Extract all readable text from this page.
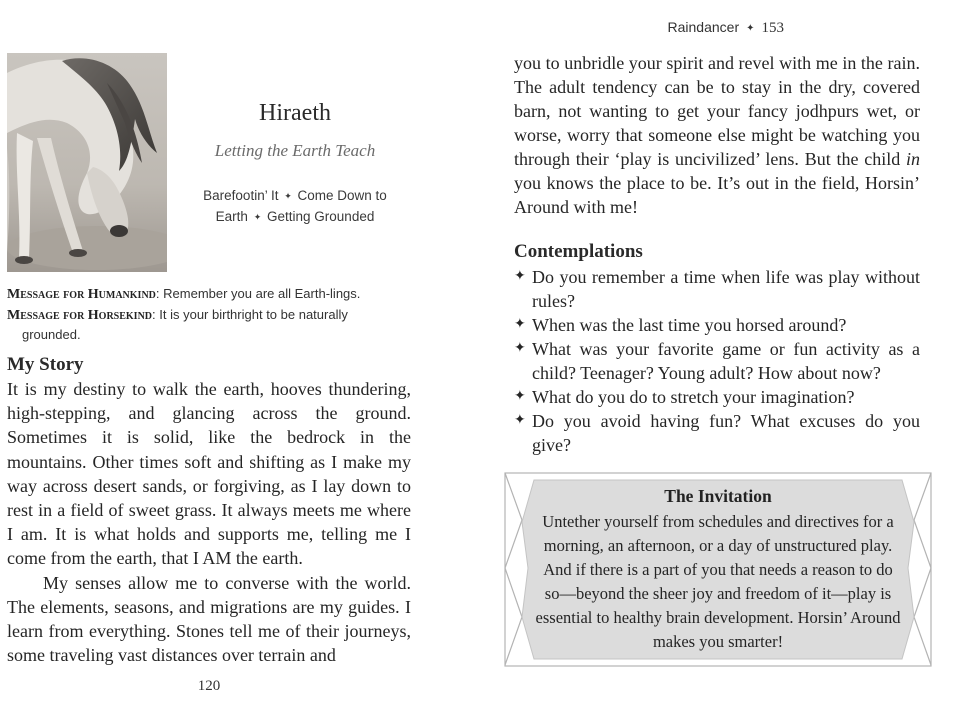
Hiraeth
Letting the Earth Teach
Barefootin’ It ✦ Come Down to
Earth ✦ Getting Grounded
Message for Humankind: Remember you are all Earth-lings.
Message for Horsekind: It is your birthright to be naturally
grounded.
My Story

It is my destiny to walk the earth, hooves thundering, high-stepping, and glancing across the ground. Sometimes it is solid, like the bedrock in the mountains. Other times soft and shifting as I make my way across desert sands, or forgiving, as I lay down to rest in a field of sweet grass. It always meets me where I am. It is what holds and supports me, telling me I come from the earth, that I AM the earth.

My senses allow me to converse with the world. The elements, seasons, and migrations are my guides. I learn from everything. Stones tell me of their journeys, some traveling vast distances over terrain and

120
Raindancer ✦ 153

you to unbridle your spirit and revel with me in the rain. The adult tendency can be to stay in the dry, covered barn, not wanting to get your fancy jodhpurs wet, or worse, worry that someone else might be watching you through their ‘play is uncivilized’ lens. But the child in you knows the place to be. It’s out in the field, Horsin’ Around with me!

Contemplations
✦ Do you remember a time when life was play without rules?
✦ When was the last time you horsed around?
✦ What was your favorite game or fun activity as a child? Teenager? Young adult? How about now?
✦ What do you do to stretch your imagination?
✦ Do you avoid having fun? What excuses do you give?
The Invitation
Untether yourself from schedules and directives for a morning, an afternoon, or a day of unstructured play. And if there is a part of you that needs a reason to do so—beyond the sheer joy and freedom of it—play is essential to healthy brain development. Horsin’ Around makes you smarter!
